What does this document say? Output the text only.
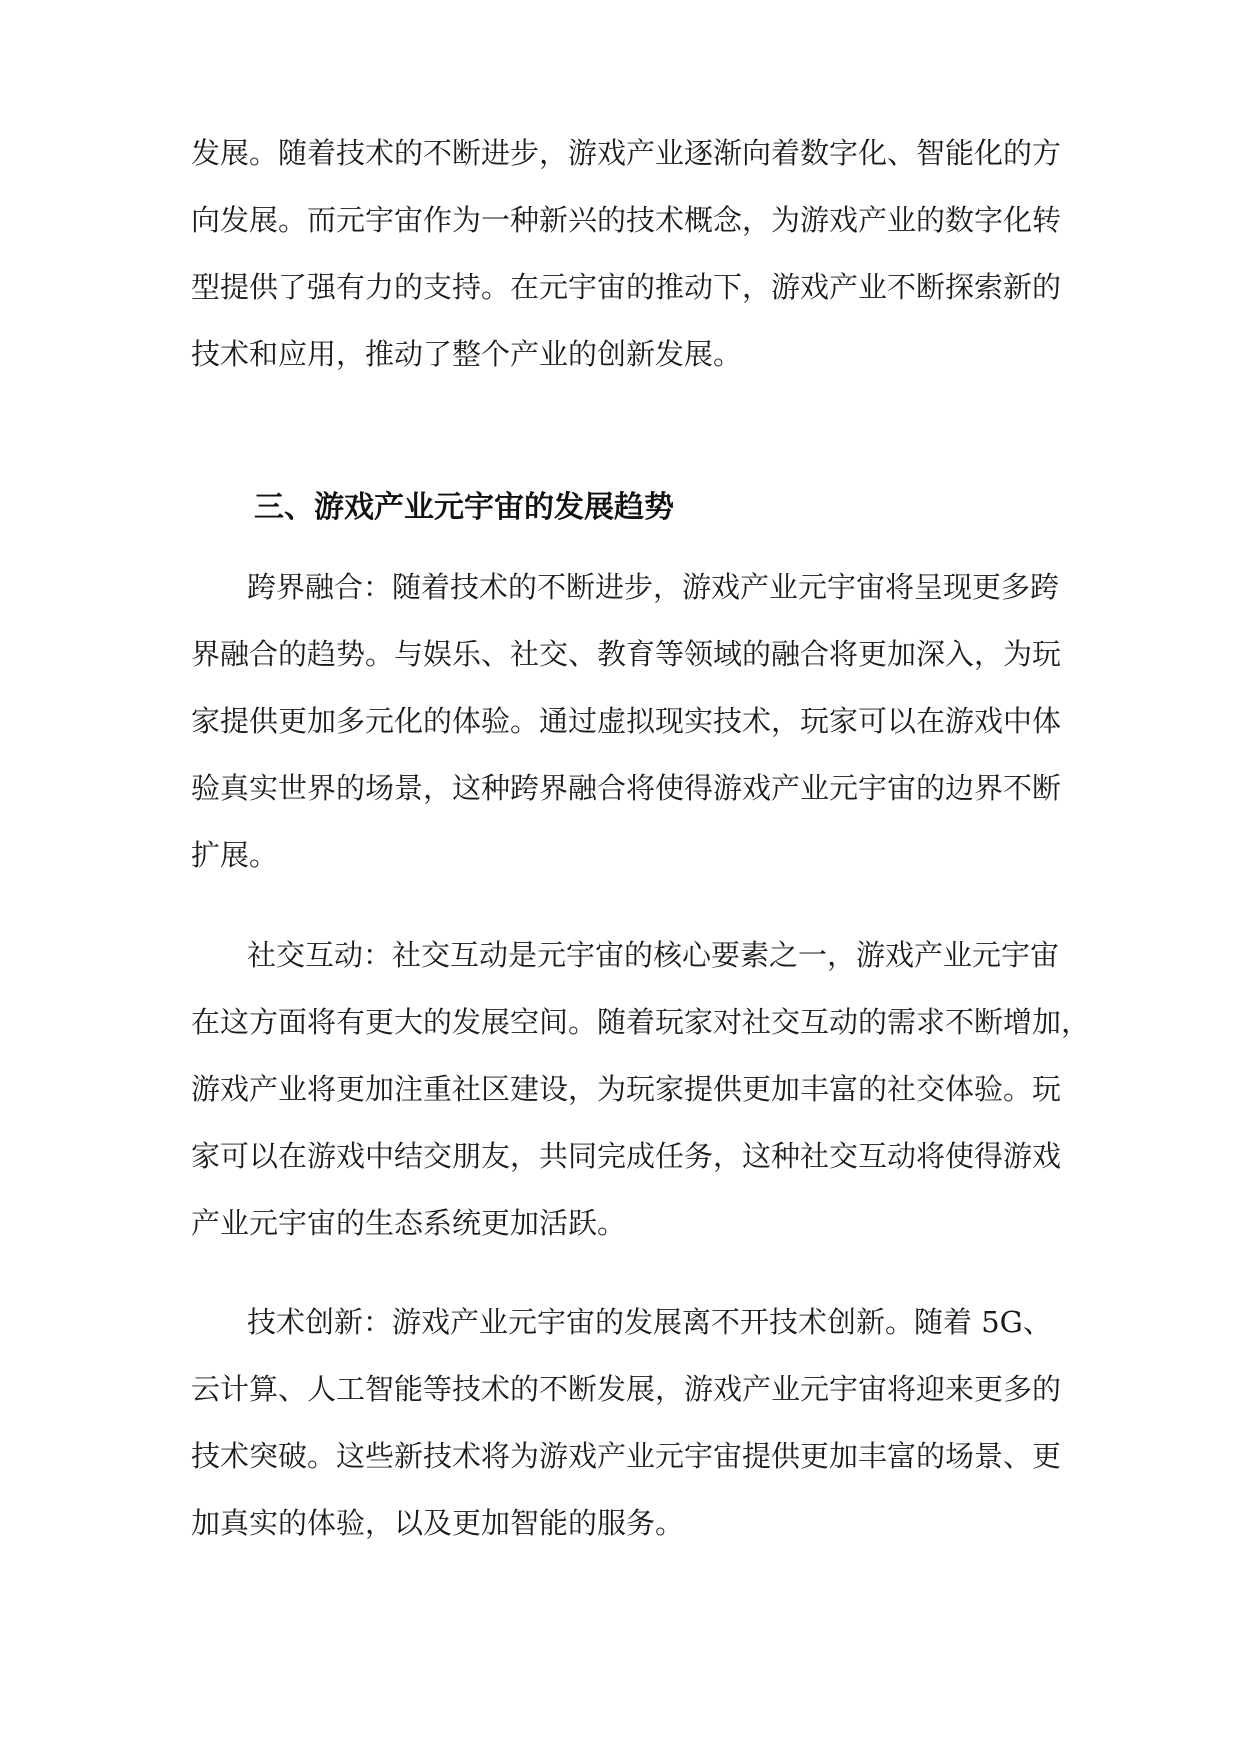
发展。随着技术的不断进步，游戏产业逐渐向着数字化、智能化的方
向发展。而元宇宙作为一种新兴的技术概念，为游戏产业的数字化转
型提供了强有力的支持。在元宇宙的推动下，游戏产业不断探索新的
技术和应用，推动了整个产业的创新发展。
三、游戏产业元宇宙的发展趋势
跨界融合：随着技术的不断进步，游戏产业元宇宙将呈现更多跨
界融合的趋势。与娱乐、社交、教育等领域的融合将更加深入，为玩
家提供更加多元化的体验。通过虚拟现实技术，玩家可以在游戏中体
验真实世界的场景，这种跨界融合将使得游戏产业元宇宙的边界不断
扩展。
社交互动：社交互动是元宇宙的核心要素之一，游戏产业元宇宙
在这方面将有更大的发展空间。随着玩家对社交互动的需求不断增加，
游戏产业将更加注重社区建设，为玩家提供更加丰富的社交体验。玩
家可以在游戏中结交朋友，共同完成任务，这种社交互动将使得游戏
产业元宇宙的生态系统更加活跃。
技术创新：游戏产业元宇宙的发展离不开技术创新。随着 5G、
云计算、人工智能等技术的不断发展，游戏产业元宇宙将迎来更多的
技术突破。这些新技术将为游戏产业元宇宙提供更加丰富的场景、更
加真实的体验，以及更加智能的服务。
